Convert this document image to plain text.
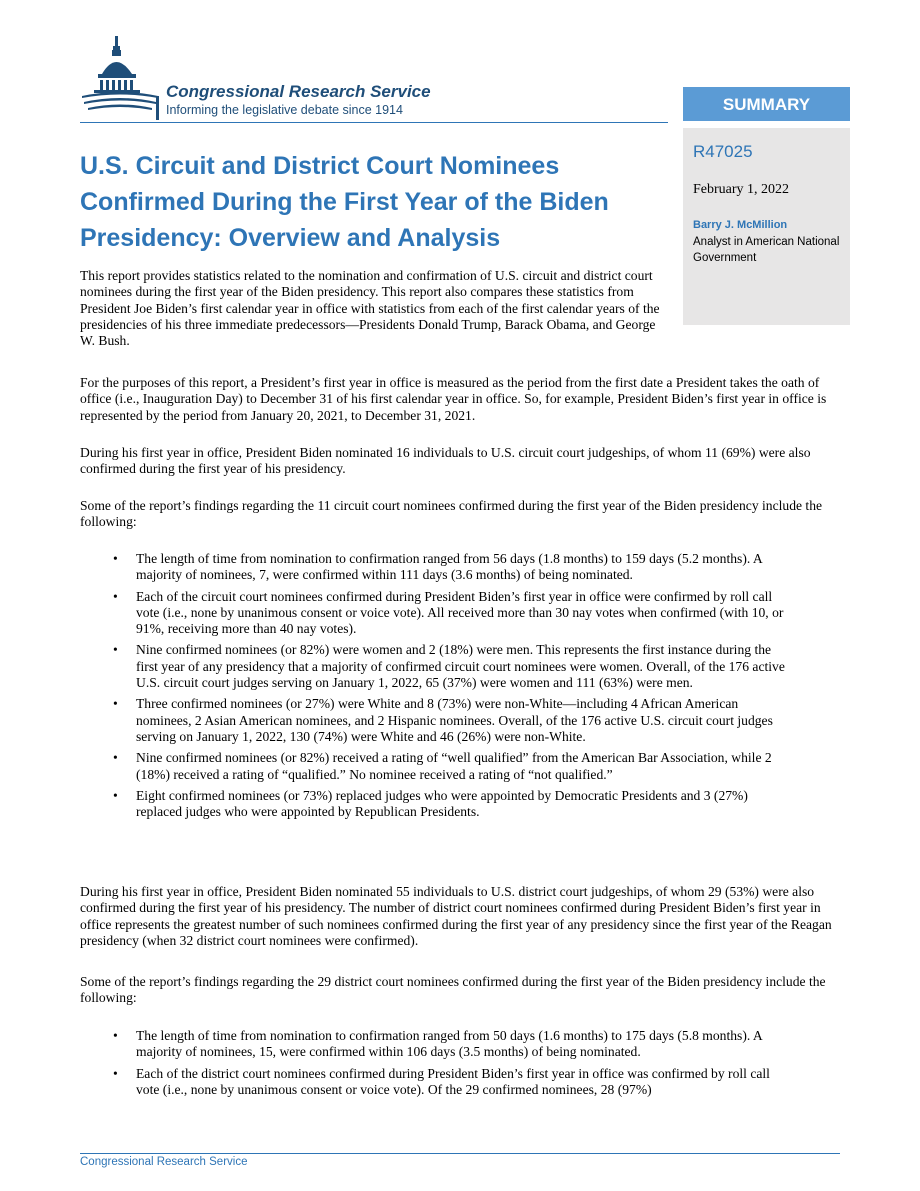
Congressional Research Service
Informing the legislative debate since 1914	SUMMARY
R47025
February 1, 2022
Barry J. McMillion
Analyst in American National Government
U.S. Circuit and District Court Nominees Confirmed During the First Year of the Biden Presidency: Overview and Analysis

This report provides statistics related to the nomination and confirmation of U.S. circuit and district court nominees during the first year of the Biden presidency. This report also compares these statistics from President Joe Biden’s first calendar year in office with statistics from each of the first calendar years of the presidencies of his three immediate predecessors—Presidents Donald Trump, Barack Obama, and George W. Bush.

For the purposes of this report, a President’s first year in office is measured as the period from the first date a President takes the oath of office (i.e., Inauguration Day) to December 31 of his first calendar year in office. So, for example, President Biden’s first year in office is represented by the period from January 20, 2021, to December 31, 2021.

During his first year in office, President Biden nominated 16 individuals to U.S. circuit court judgeships, of whom 11 (69%) were also confirmed during the first year of his presidency.

Some of the report’s findings regarding the 11 circuit court nominees confirmed during the first year of the Biden presidency include the following:

• The length of time from nomination to confirmation ranged from 56 days (1.8 months) to 159 days (5.2 months). A majority of nominees, 7, were confirmed within 111 days (3.6 months) of being nominated.
• Each of the circuit court nominees confirmed during President Biden’s first year in office were confirmed by roll call vote (i.e., none by unanimous consent or voice vote). All received more than 30 nay votes when confirmed (with 10, or 91%, receiving more than 40 nay votes).
• Nine confirmed nominees (or 82%) were women and 2 (18%) were men. This represents the first instance during the first year of any presidency that a majority of confirmed circuit court nominees were women. Overall, of the 176 active U.S. circuit court judges serving on January 1, 2022, 65 (37%) were women and 111 (63%) were men.
• Three confirmed nominees (or 27%) were White and 8 (73%) were non-White—including 4 African American nominees, 2 Asian American nominees, and 2 Hispanic nominees. Overall, of the 176 active U.S. circuit court judges serving on January 1, 2022, 130 (74%) were White and 46 (26%) were non-White.
• Nine confirmed nominees (or 82%) received a rating of “well qualified” from the American Bar Association, while 2 (18%) received a rating of “qualified.” No nominee received a rating of “not qualified.”
• Eight confirmed nominees (or 73%) replaced judges who were appointed by Democratic Presidents and 3 (27%) replaced judges who were appointed by Republican Presidents.

During his first year in office, President Biden nominated 55 individuals to U.S. district court judgeships, of whom 29 (53%) were also confirmed during the first year of his presidency. The number of district court nominees confirmed during President Biden’s first year in office represents the greatest number of such nominees confirmed during the first year of any presidency since the first year of the Reagan presidency (when 32 district court nominees were confirmed).

Some of the report’s findings regarding the 29 district court nominees confirmed during the first year of the Biden presidency include the following:

• The length of time from nomination to confirmation ranged from 50 days (1.6 months) to 175 days (5.8 months). A majority of nominees, 15, were confirmed within 106 days (3.5 months) of being nominated.
• Each of the district court nominees confirmed during President Biden’s first year in office was confirmed by roll call vote (i.e., none by unanimous consent or voice vote). Of the 29 confirmed nominees, 28 (97%)
Congressional Research Service
